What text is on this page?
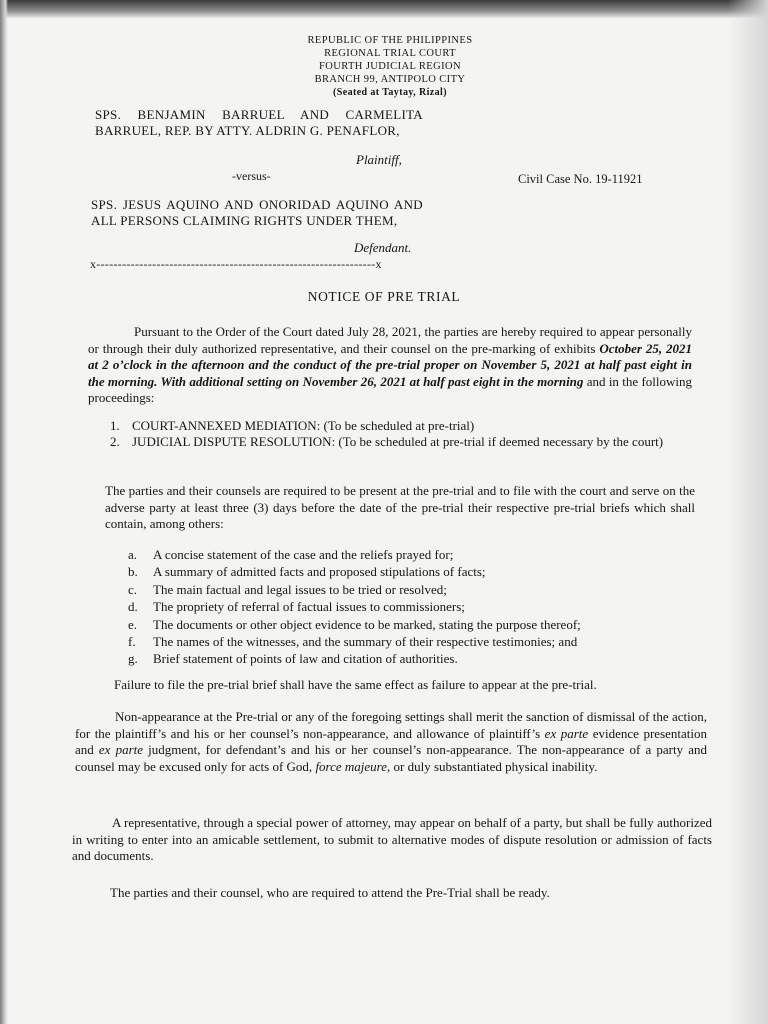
REPUBLIC OF THE PHILIPPINES
REGIONAL TRIAL COURT
FOURTH JUDICIAL REGION
BRANCH 99, ANTIPOLO CITY
(Seated at Taytay, Rizal)
SPS. BENJAMIN BARRUEL AND CARMELITA BARRUEL, REP. BY ATTY. ALDRIN G. PENAFLOR,
Plaintiff,
-versus-	Civil Case No. 19-11921
SPS. JESUS AQUINO AND ONORIDAD AQUINO AND ALL PERSONS CLAIMING RIGHTS UNDER THEM,
Defendant.
x-----------------------------------------------------------------x
NOTICE OF PRE TRIAL
Pursuant to the Order of the Court dated July 28, 2021, the parties are hereby required to appear personally or through their duly authorized representative, and their counsel on the pre-marking of exhibits October 25, 2021 at 2 o’clock in the afternoon and the conduct of the pre-trial proper on November 5, 2021 at half past eight in the morning. With additional setting on November 26, 2021 at half past eight in the morning and in the following proceedings:
1. COURT-ANNEXED MEDIATION: (To be scheduled at pre-trial)
2. JUDICIAL DISPUTE RESOLUTION: (To be scheduled at pre-trial if deemed necessary by the court)
The parties and their counsels are required to be present at the pre-trial and to file with the court and serve on the adverse party at least three (3) days before the date of the pre-trial their respective pre-trial briefs which shall contain, among others:
a.	A concise statement of the case and the reliefs prayed for;
b.	A summary of admitted facts and proposed stipulations of facts;
c.	The main factual and legal issues to be tried or resolved;
d.	The propriety of referral of factual issues to commissioners;
e.	The documents or other object evidence to be marked, stating the purpose thereof;
f.	The names of the witnesses, and the summary of their respective testimonies; and
g.	Brief statement of points of law and citation of authorities.
Failure to file the pre-trial brief shall have the same effect as failure to appear at the pre-trial.
Non-appearance at the Pre-trial or any of the foregoing settings shall merit the sanction of dismissal of the action, for the plaintiff’s and his or her counsel’s non-appearance, and allowance of plaintiff’s ex parte evidence presentation and ex parte judgment, for defendant’s and his or her counsel’s non-appearance. The non-appearance of a party and counsel may be excused only for acts of God, force majeure, or duly substantiated physical inability.
A representative, through a special power of attorney, may appear on behalf of a party, but shall be fully authorized in writing to enter into an amicable settlement, to submit to alternative modes of dispute resolution or admission of facts and documents.
The parties and their counsel, who are required to attend the Pre-Trial shall be ready.
